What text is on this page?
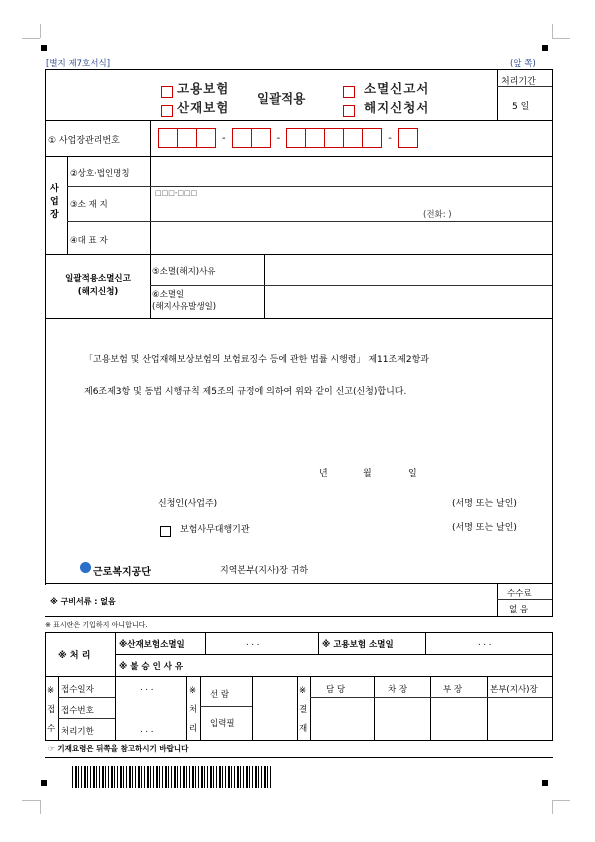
[별지 제7호서식]	(앞 쪽)
고용보험
산재보험
일괄적용
소멸신고서
해지신청서
처리기간
5 일
① 사업장관리번호	-	-	-
사업장
②상호·법인명칭
③소 재 지
□□□-□□□
(전화: )
④대 표 자
일괄적용소멸신고
(해지신청)
⑤소멸(해지)사유
⑥소멸일
(해지사유발생일)
「고용보험 및 산업재해보상보험의 보험료징수 등에 관한 법률 시행령」 제11조제2항과
제6조제3항 및 동법 시행규칙 제5조의 규정에 의하여 위와 같이 신고(신청)합니다.
년	월	일
신청인(사업주)	(서명 또는 날인)
보험사무대행기관	(서명 또는 날인)
근로복지공단	지역본부(지사)장 귀하
※ 구비서류 : 없음
수수료
없 음
※ 표시란은 기입하지 아니합니다.
※ 처 리
※산재보험소멸일	. . .	※ 고용보험 소멸일	. . .
※ 불 승 인 사 유
※접수
접수일자	. . .
접수번호
처리기한	. . .
※처리
선 람
입력필
※결재
담 당	차 장	부 장	본부(지사)장
☞ 기재요령은 뒤쪽을 참고하시기 바랍니다
